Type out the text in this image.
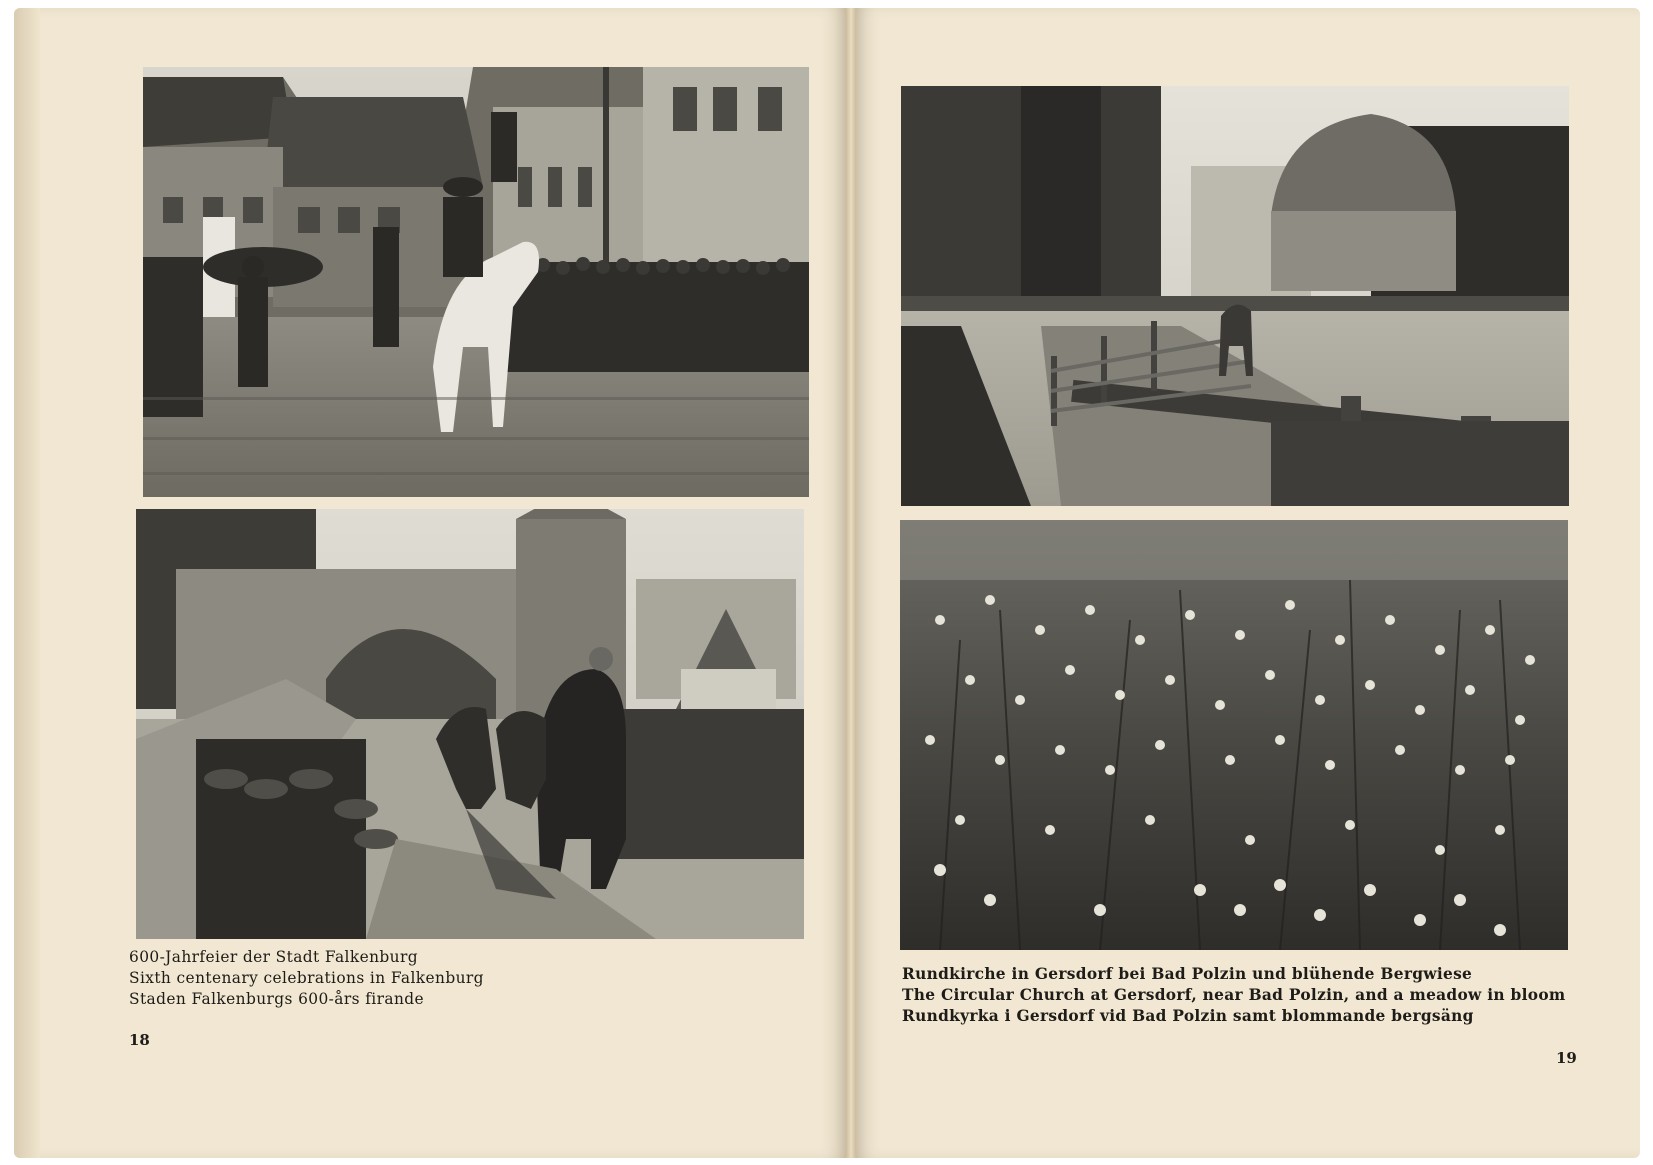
600-Jahrfeier der Stadt Falkenburg
Sixth centenary celebrations in Falkenburg
Staden Falkenburgs 600-års firande
Rundkirche in Gersdorf bei Bad Polzin und blühende Bergwiese
The Circular Church at Gersdorf, near Bad Polzin, and a meadow in bloom
Rundkyrka i Gersdorf vid Bad Polzin samt blommande bergsäng
18
19
